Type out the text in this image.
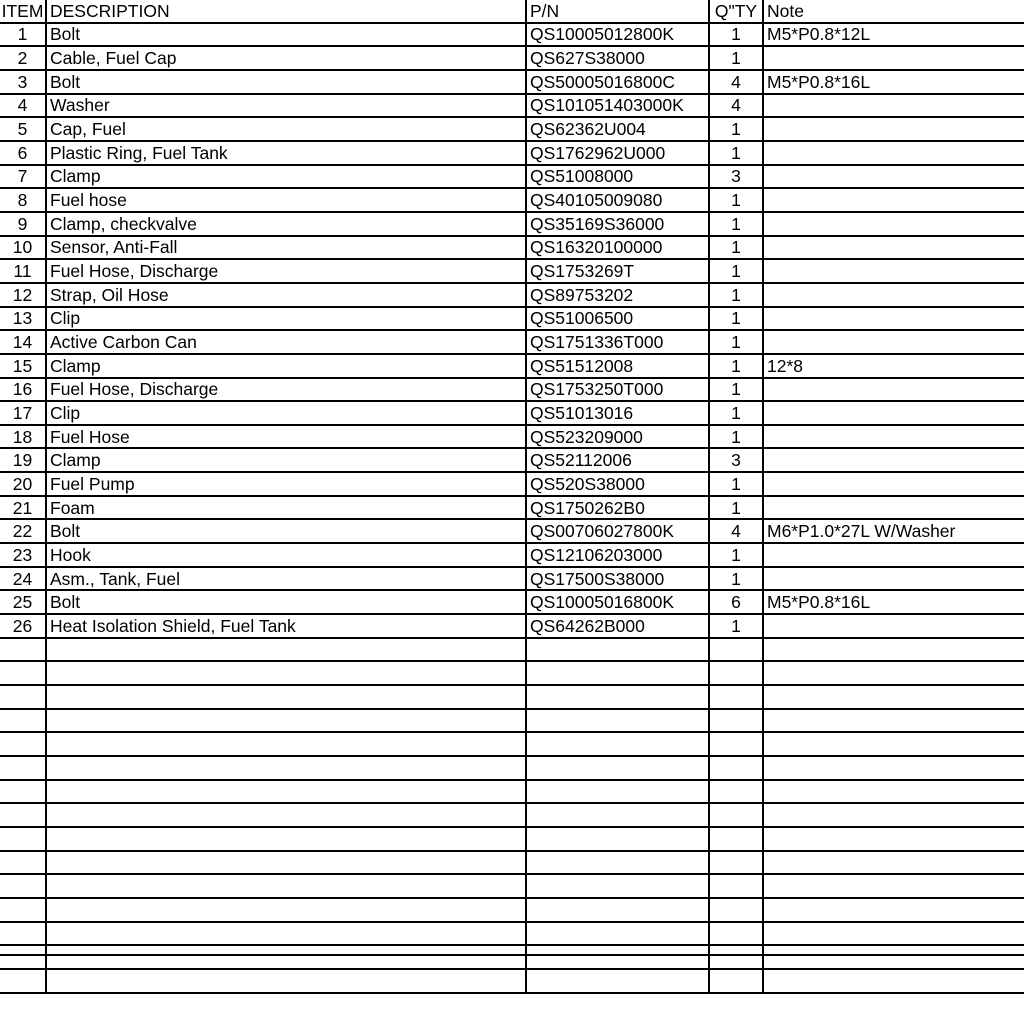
ITEM	DESCRIPTION	P/N	Q"TY	Note
1	Bolt	QS10005012800K	1	M5*P0.8*12L
2	Cable, Fuel Cap	QS627S38000	1	
3	Bolt	QS50005016800C	4	M5*P0.8*16L
4	Washer	QS101051403000K	4	
5	Cap, Fuel	QS62362U004	1	
6	Plastic Ring, Fuel Tank	QS1762962U000	1	
7	Clamp	QS51008000	3	
8	Fuel hose	QS40105009080	1	
9	Clamp, checkvalve	QS35169S36000	1	
10	Sensor, Anti-Fall	QS16320100000	1	
11	Fuel Hose, Discharge	QS1753269T	1	
12	Strap, Oil Hose	QS89753202	1	
13	Clip	QS51006500	1	
14	Active Carbon Can	QS1751336T000	1	
15	Clamp	QS51512008	1	12*8
16	Fuel Hose, Discharge	QS1753250T000	1	
17	Clip	QS51013016	1	
18	Fuel Hose	QS523209000	1	
19	Clamp	QS52112006	3	
20	Fuel Pump	QS520S38000	1	
21	Foam	QS1750262B0	1	
22	Bolt	QS00706027800K	4	M6*P1.0*27L W/Washer
23	Hook	QS12106203000	1	
24	Asm., Tank, Fuel	QS17500S38000	1	
25	Bolt	QS10005016800K	6	M5*P0.8*16L
26	Heat Isolation Shield, Fuel Tank	QS64262B000	1	
